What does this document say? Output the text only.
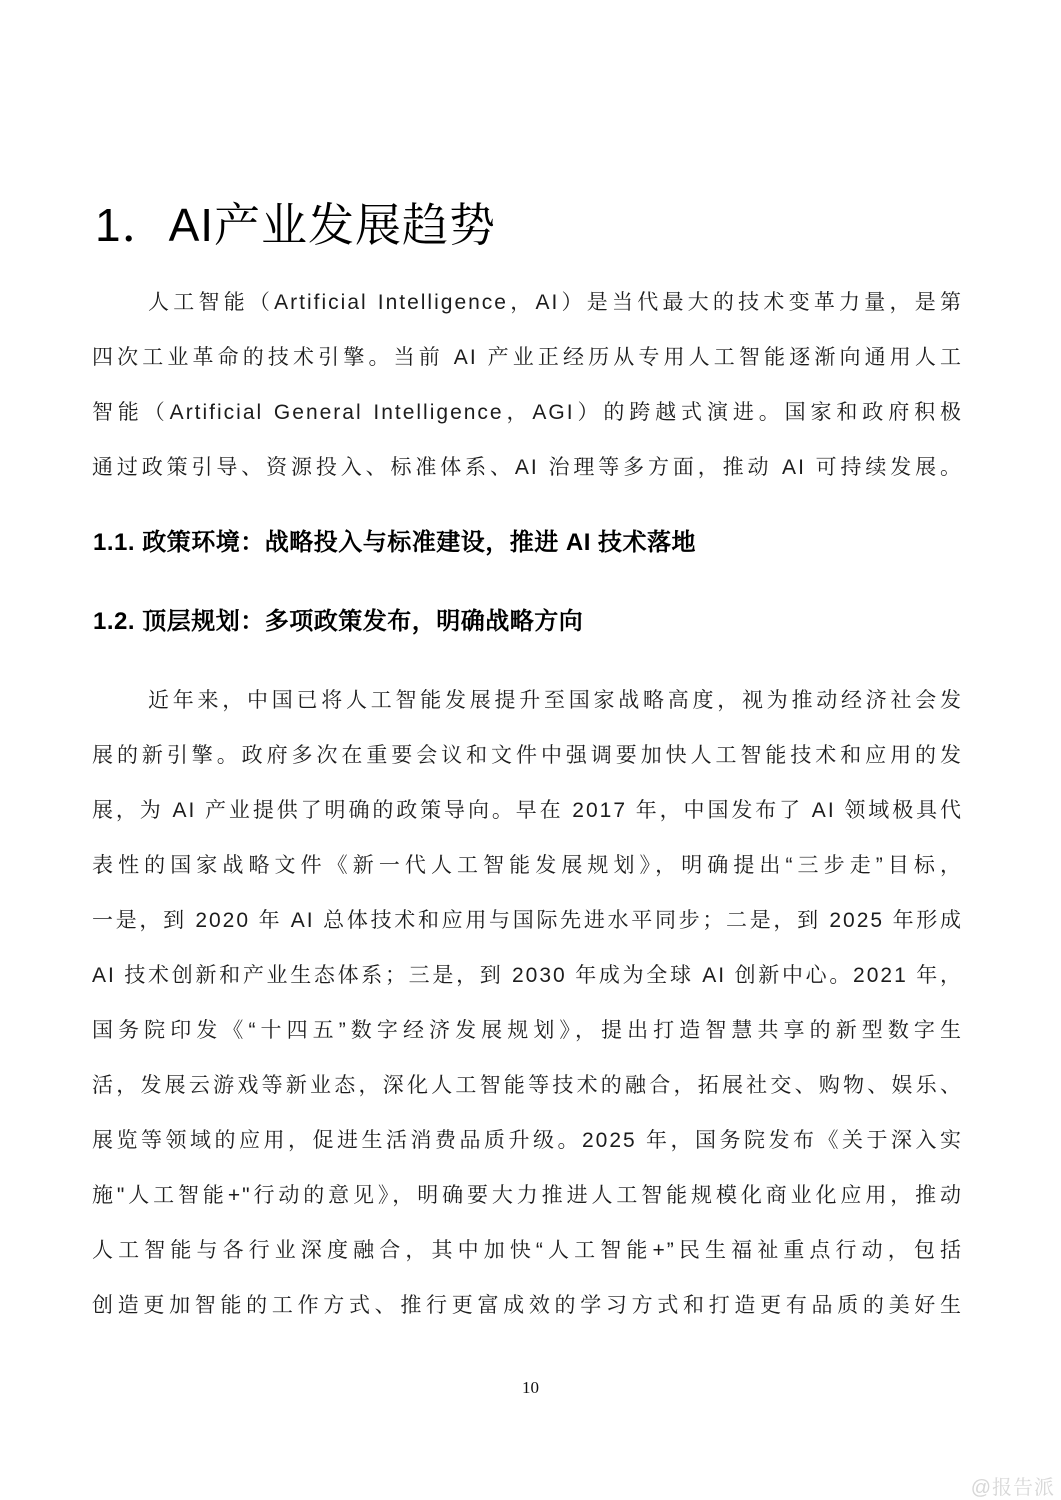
1．AI产业发展趋势
人工智能（Artificial Intelligence，AI）是当代最大的技术变革力量，是第
四次工业革命的技术引擎。当前 AI 产业正经历从专用人工智能逐渐向通用人工
智能（Artificial General Intelligence，AGI）的跨越式演进。国家和政府积极
通过政策引导、资源投入、标准体系、AI 治理等多方面，推动 AI 可持续发展。
1.1. 政策环境：战略投入与标准建设，推进 AI 技术落地
1.2. 顶层规划：多项政策发布，明确战略方向
近年来，中国已将人工智能发展提升至国家战略高度，视为推动经济社会发
展的新引擎。政府多次在重要会议和文件中强调要加快人工智能技术和应用的发
展，为 AI 产业提供了明确的政策导向。早在 2017 年，中国发布了 AI 领域极具代
表性的国家战略文件《新一代人工智能发展规划》，明确提出“三步走”目标，
一是，到 2020 年 AI 总体技术和应用与国际先进水平同步；二是，到 2025 年形成
AI 技术创新和产业生态体系；三是，到 2030 年成为全球 AI 创新中心。2021 年，
国务院印发《“十四五”数字经济发展规划》，提出打造智慧共享的新型数字生
活，发展云游戏等新业态，深化人工智能等技术的融合，拓展社交、购物、娱乐、
展览等领域的应用，促进生活消费品质升级。2025 年，国务院发布《关于深入实
施"人工智能+"行动的意见》，明确要大力推进人工智能规模化商业化应用，推动
人工智能与各行业深度融合，其中加快“人工智能+”民生福祉重点行动，包括
创造更加智能的工作方式、推行更富成效的学习方式和打造更有品质的美好生
10
@报告派
